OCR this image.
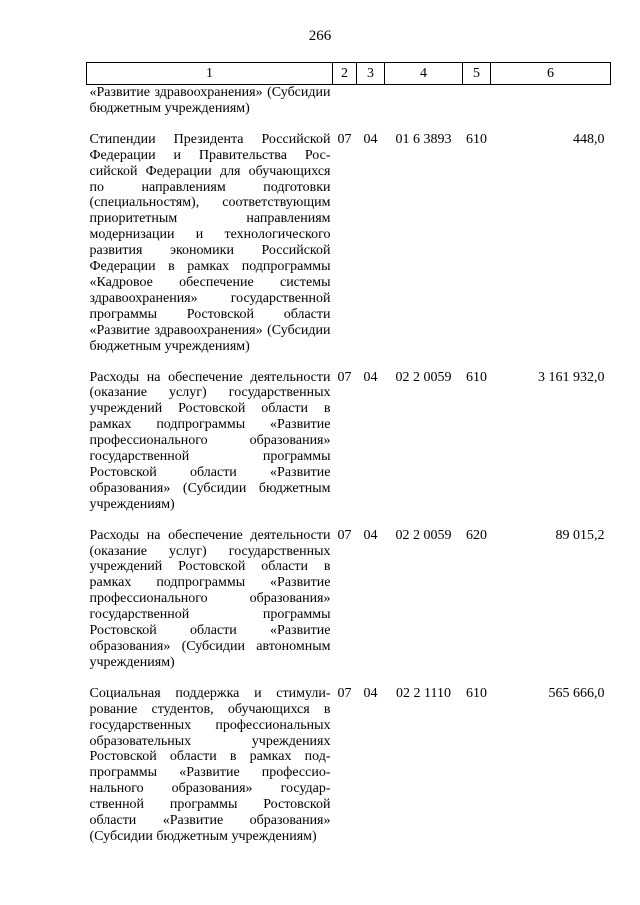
266
1	2	3	4	5	6
«Развитие здравоохранения» (Субсидии бюджетным учреждениям)					
Стипендии Президента Российской Федерации и Правительства Российской Федерации для обучающихся по направлениям подготовки (специальностям), соответствующим приоритетным направлениям модернизации и технологического развития экономики Российской Федерации в рамках подпрограммы «Кадровое обеспечение системы здравоохранения» государственной программы Ростовской области «Развитие здравоохранения» (Субсидии бюджетным учреждениям)	07	04	01 6 3893	610	448,0
Расходы на обеспечение деятельности (оказание услуг) государственных учреждений Ростовской области в рамках подпрограммы «Развитие профессионального образования» государственной программы Ростовской области «Развитие образования» (Субсидии бюджетным учреждениям)	07	04	02 2 0059	610	3 161 932,0
Расходы на обеспечение деятельности (оказание услуг) государственных учреждений Ростовской области в рамках подпрограммы «Развитие профессионального образования» государственной программы Ростовской области «Развитие образования» (Субсидии автономным учреждениям)	07	04	02 2 0059	620	89 015,2
Социальная поддержка и стимулирование студентов, обучающихся в государственных профессиональных образовательных учреждениях Ростовской области в рамках подпрограммы «Развитие профессионального образования» государственной программы Ростовской области «Развитие образования» (Субсидии бюджетным учреждениям)	07	04	02 2 1110	610	565 666,0
